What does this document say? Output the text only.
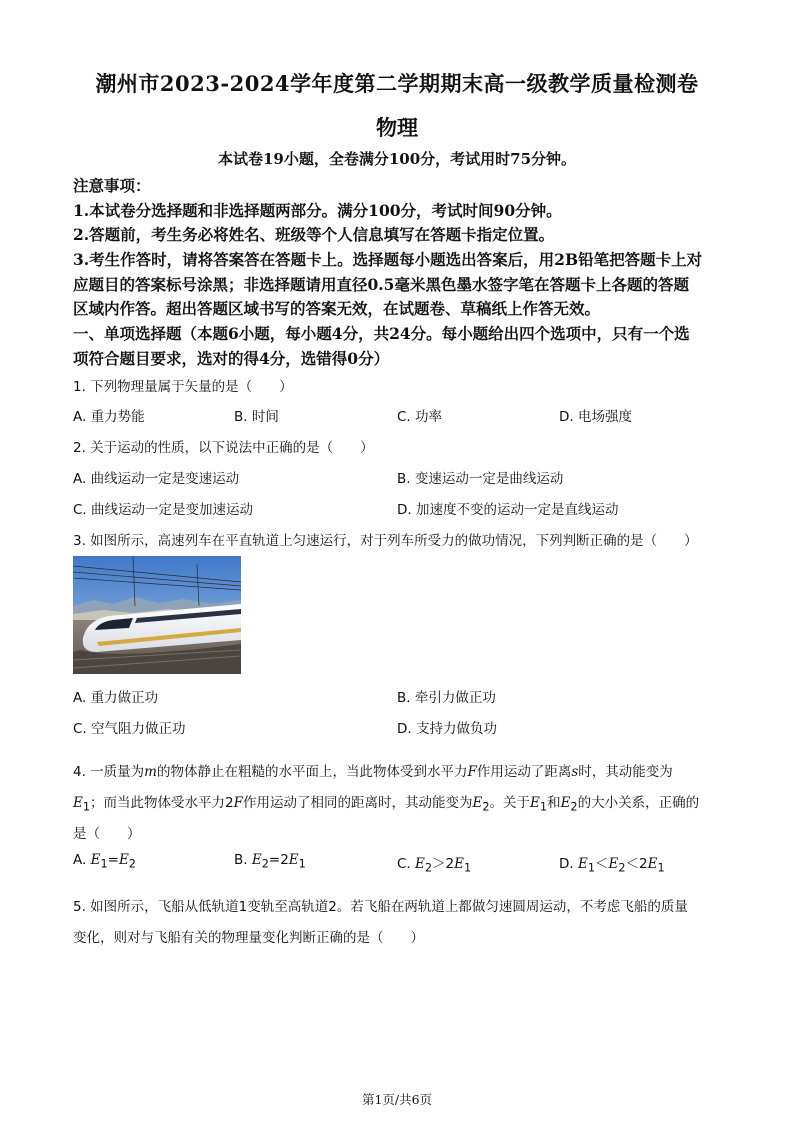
潮州市2023-2024学年度第二学期期末高一级教学质量检测卷
物理
本试卷19小题，全卷满分100分，考试用时75分钟。
注意事项：
1.本试卷分选择题和非选择题两部分。满分100分，考试时间90分钟。
2.答题前，考生务必将姓名、班级等个人信息填写在答题卡指定位置。
3.考生作答时，请将答案答在答题卡上。选择题每小题选出答案后，用2B铅笔把答题卡上对
应题目的答案标号涂黑；非选择题请用直径0.5毫米黑色墨水签字笔在答题卡上各题的答题
区域内作答。超出答题区域书写的答案无效，在试题卷、草稿纸上作答无效。
一、单项选择题（本题6小题，每小题4分，共24分。每小题给出四个选项中，只有一个选
项符合题目要求，选对的得4分，选错得0分）
1. 下列物理量属于矢量的是（　　）
A. 重力势能	B. 时间	C. 功率	D. 电场强度
2. 关于运动的性质，以下说法中正确的是（　　）
A. 曲线运动一定是变速运动	B. 变速运动一定是曲线运动
C. 曲线运动一定是变加速运动	D. 加速度不变的运动一定是直线运动
3. 如图所示，高速列车在平直轨道上匀速运行，对于列车所受力的做功情况，下列判断正确的是（　　）
A. 重力做正功	B. 牵引力做正功
C. 空气阻力做正功	D. 支持力做负功
4. 一质量为m的物体静止在粗糙的水平面上，当此物体受到水平力F作用运动了距离s时，其动能变为
$E_1$；而当此物体受水平力2F作用运动了相同的距离时，其动能变为$E_2$。关于$E_1$和$E_2$的大小关系，正确的
是（　　）
A. $E_1=E_2$	B. $E_2=2E_1$	C. $E_2>2E_1$	D. $E_1<E_2<2E_1$
5. 如图所示，飞船从低轨道1变轨至高轨道2。若飞船在两轨道上都做匀速圆周运动，不考虑飞船的质量
变化，则对与飞船有关的物理量变化判断正确的是（　　）
第1页/共6页
